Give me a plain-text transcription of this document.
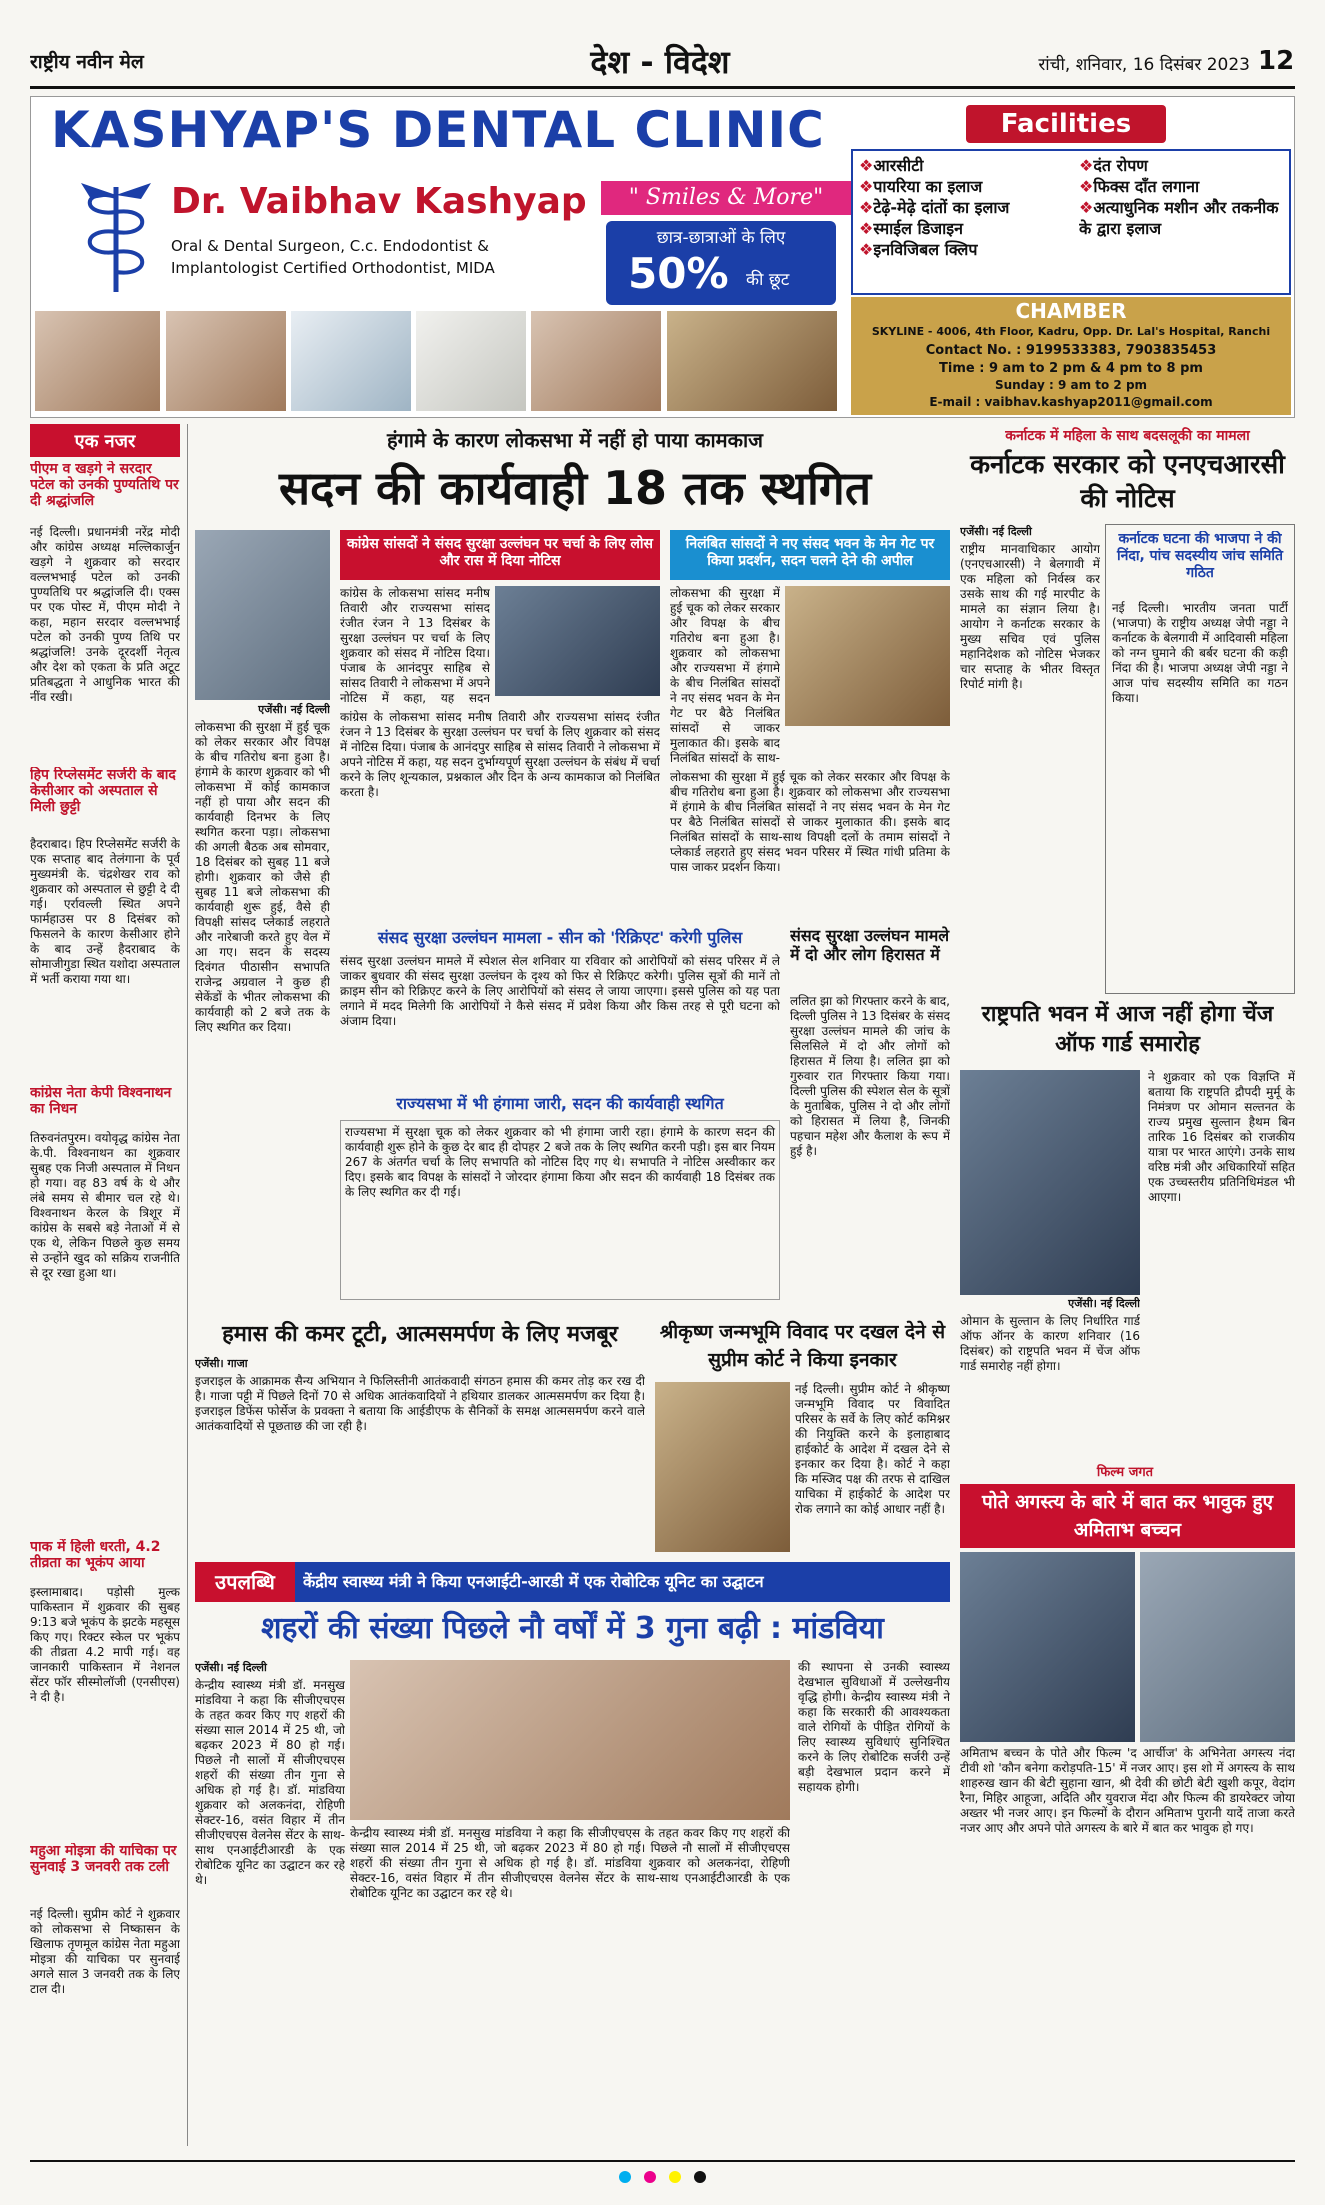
राष्ट्रीय नवीन मेल	देश - विदेश	रांची, शनिवार, 16 दिसंबर 2023 12
KASHYAP'S DENTAL CLINIC
Dr. Vaibhav Kashyap	" Smiles & More"
Oral & Dental Surgeon, C.c. Endodontist &
Implantologist Certified Orthodontist, MIDA
छात्र-छात्राओं के लिए
50%	की छूट
Facilities
❖ आरसीटी
❖ पायरिया का इलाज
❖ टेढ़े-मेढ़े दांतों का इलाज
❖ स्माईल डिजाइन
❖ इनविजिबल क्लिप
❖ दंत रोपण
❖ फिक्स दाँत लगाना
❖ अत्याधुनिक मशीन और तकनीक के द्वारा इलाज
CHAMBER
SKYLINE - 4006, 4th Floor, Kadru, Opp. Dr. Lal's Hospital, Ranchi
Contact No. : 9199533383, 7903835453
Time : 9 am to 2 pm & 4 pm to 8 pm
Sunday : 9 am to 2 pm
E-mail : vaibhav.kashyap2011@gmail.com
एक नजर
पीएम व खड़गे ने सरदार पटेल को उनकी पुण्यतिथि पर दी श्रद्धांजलि
नई दिल्ली। प्रधानमंत्री नरेंद्र मोदी और कांग्रेस अध्यक्ष मल्लिकार्जुन खड़गे ने शुक्रवार को सरदार वल्लभभाई पटेल को उनकी पुण्यतिथि पर श्रद्धांजलि दी। एक्स पर एक पोस्ट में, पीएम मोदी ने कहा, महान सरदार वल्लभभाई पटेल को उनकी पुण्य तिथि पर श्रद्धांजलि! उनके दूरदर्शी नेतृत्व और देश को एकता के प्रति अटूट प्रतिबद्धता ने आधुनिक भारत की नींव रखी।
हिप रिप्लेसमेंट सर्जरी के बाद केसीआर को अस्पताल से मिली छुट्टी
हैदराबाद। हिप रिप्लेसमेंट सर्जरी के एक सप्ताह बाद तेलंगाना के पूर्व मुख्यमंत्री के. चंद्रशेखर राव को शुक्रवार को अस्पताल से छुट्टी दे दी गई। एर्रावल्ली स्थित अपने फार्महाउस पर 8 दिसंबर को फिसलने के कारण केसीआर होने के बाद उन्हें हैदराबाद के सोमाजीगुडा स्थित यशोदा अस्पताल में भर्ती कराया गया था।
कांग्रेस नेता केपी विश्वनाथन का निधन
तिरुवनंतपुरम। वयोवृद्ध कांग्रेस नेता के.पी. विश्वनाथन का शुक्रवार सुबह एक निजी अस्पताल में निधन हो गया। वह 83 वर्ष के थे और लंबे समय से बीमार चल रहे थे। विश्वनाथन केरल के त्रिशूर में कांग्रेस के सबसे बड़े नेताओं में से एक थे, लेकिन पिछले कुछ समय से उन्होंने खुद को सक्रिय राजनीति से दूर रखा हुआ था।
पाक में हिली धरती, 4.2 तीव्रता का भूकंप आया
इस्लामाबाद। पड़ोसी मुल्क पाकिस्तान में शुक्रवार की सुबह 9:13 बजे भूकंप के झटके महसूस किए गए। रिक्टर स्केल पर भूकंप की तीव्रता 4.2 मापी गई। वह जानकारी पाकिस्तान में नेशनल सेंटर फॉर सीस्मोलॉजी (एनसीएस) ने दी है।
महुआ मोइत्रा की याचिका पर सुनवाई 3 जनवरी तक टली
नई दिल्ली। सुप्रीम कोर्ट ने शुक्रवार को लोकसभा से निष्कासन के खिलाफ तृणमूल कांग्रेस नेता महुआ मोइत्रा की याचिका पर सुनवाई अगले साल 3 जनवरी तक के लिए टाल दी।
हंगामे के कारण लोकसभा में नहीं हो पाया कामकाज
सदन की कार्यवाही 18 तक स्थगित
एजेंसी। नई दिल्ली
लोकसभा की सुरक्षा में हुई चूक को लेकर सरकार और विपक्ष के बीच गतिरोध बना हुआ है। हंगामे के कारण शुक्रवार को भी लोकसभा में कोई कामकाज नहीं हो पाया और सदन की कार्यवाही दिनभर के लिए स्थगित करना पड़ा। लोकसभा की अगली बैठक अब सोमवार, 18 दिसंबर को सुबह 11 बजे होगी। शुक्रवार को जैसे ही सुबह 11 बजे लोकसभा की कार्यवाही शुरू हुई, वैसे ही विपक्षी सांसद प्लेकार्ड लहराते और नारेबाजी करते हुए वेल में आ गए। सदन के सदस्य दिवंगत पीठासीन सभापति राजेन्द्र अग्रवाल ने कुछ ही सेकेंडों के भीतर लोकसभा की कार्यवाही को 2 बजे तक के लिए स्थगित कर दिया।
कांग्रेस सांसदों ने संसद सुरक्षा उल्लंघन पर चर्चा के लिए लोस और रास में दिया नोटिस
कांग्रेस के लोकसभा सांसद मनीष तिवारी और राज्यसभा सांसद रंजीत रंजन ने 13 दिसंबर के सुरक्षा उल्लंघन पर चर्चा के लिए शुक्रवार को संसद में नोटिस दिया। पंजाब के आनंदपुर साहिब से सांसद तिवारी ने लोकसभा में अपने नोटिस में कहा, यह सदन
कांग्रेस के लोकसभा सांसद मनीष तिवारी और राज्यसभा सांसद रंजीत रंजन ने 13 दिसंबर के सुरक्षा उल्लंघन पर चर्चा के लिए शुक्रवार को संसद में नोटिस दिया। पंजाब के आनंदपुर साहिब से सांसद तिवारी ने लोकसभा में अपने नोटिस में कहा, यह सदन दुर्भाग्यपूर्ण सुरक्षा उल्लंघन के संबंध में चर्चा करने के लिए शून्यकाल, प्रश्नकाल और दिन के अन्य कामकाज को निलंबित करता है।
निलंबित सांसदों ने नए संसद भवन के मेन गेट पर किया प्रदर्शन, सदन चलने देने की अपील
लोकसभा की सुरक्षा में हुई चूक को लेकर सरकार और विपक्ष के बीच गतिरोध बना हुआ है। शुक्रवार को लोकसभा और राज्यसभा में हंगामे के बीच निलंबित सांसदों ने नए संसद भवन के मेन गेट पर बैठे निलंबित सांसदों से जाकर मुलाकात की। इसके बाद निलंबित सांसदों के साथ-
लोकसभा की सुरक्षा में हुई चूक को लेकर सरकार और विपक्ष के बीच गतिरोध बना हुआ है। शुक्रवार को लोकसभा और राज्यसभा में हंगामे के बीच निलंबित सांसदों ने नए संसद भवन के मेन गेट पर बैठे निलंबित सांसदों से जाकर मुलाकात की। इसके बाद निलंबित सांसदों के साथ-साथ विपक्षी दलों के तमाम सांसदों ने प्लेकार्ड लहराते हुए संसद भवन परिसर में स्थित गांधी प्रतिमा के पास जाकर प्रदर्शन किया।
संसद सुरक्षा उल्लंघन मामला - सीन को 'रिक्रिएट' करेगी पुलिस
संसद सुरक्षा उल्लंघन मामले में स्पेशल सेल शनिवार या रविवार को आरोपियों को संसद परिसर में ले जाकर बुधवार की संसद सुरक्षा उल्लंघन के दृश्य को फिर से रिक्रिएट करेगी। पुलिस सूत्रों की मानें तो क्राइम सीन को रिक्रिएट करने के लिए आरोपियों को संसद ले जाया जाएगा। इससे पुलिस को यह पता लगाने में मदद मिलेगी कि आरोपियों ने कैसे संसद में प्रवेश किया और किस तरह से पूरी घटना को अंजाम दिया।
संसद सुरक्षा उल्लंघन मामले में दो और लोग हिरासत में
ललित झा को गिरफ्तार करने के बाद, दिल्ली पुलिस ने 13 दिसंबर के संसद सुरक्षा उल्लंघन मामले की जांच के सिलसिले में दो और लोगों को हिरासत में लिया है। ललित झा को गुरुवार रात गिरफ्तार किया गया। दिल्ली पुलिस की स्पेशल सेल के सूत्रों के मुताबिक, पुलिस ने दो और लोगों को हिरासत में लिया है, जिनकी पहचान महेश और कैलाश के रूप में हुई है।
राज्यसभा में भी हंगामा जारी, सदन की कार्यवाही स्थगित
राज्यसभा में सुरक्षा चूक को लेकर शुक्रवार को भी हंगामा जारी रहा। हंगामे के कारण सदन की कार्यवाही शुरू होने के कुछ देर बाद ही दोपहर 2 बजे तक के लिए स्थगित करनी पड़ी। इस बार नियम 267 के अंतर्गत चर्चा के लिए सभापति को नोटिस दिए गए थे। सभापति ने नोटिस अस्वीकार कर दिए। इसके बाद विपक्ष के सांसदों ने जोरदार हंगामा किया और सदन की कार्यवाही 18 दिसंबर तक के लिए स्थगित कर दी गई।
कर्नाटक में महिला के साथ बदसलूकी का मामला
कर्नाटक सरकार को एनएचआरसी की नोटिस
एजेंसी। नई दिल्ली
राष्ट्रीय मानवाधिकार आयोग (एनएचआरसी) ने बेलगावी में एक महिला को निर्वस्त्र कर उसके साथ की गई मारपीट के मामले का संज्ञान लिया है। आयोग ने कर्नाटक सरकार के मुख्य सचिव एवं पुलिस महानिदेशक को नोटिस भेजकर चार सप्ताह के भीतर विस्तृत रिपोर्ट मांगी है।
कर्नाटक घटना की भाजपा ने की निंदा, पांच सदस्यीय जांच समिति गठित
नई दिल्ली। भारतीय जनता पार्टी (भाजपा) के राष्ट्रीय अध्यक्ष जेपी नड्डा ने कर्नाटक के बेलगावी में आदिवासी महिला को नग्न घुमाने की बर्बर घटना की कड़ी निंदा की है। भाजपा अध्यक्ष जेपी नड्डा ने आज पांच सदस्यीय समिति का गठन किया।
राष्ट्रपति भवन में आज नहीं होगा चेंज ऑफ गार्ड समारोह
एजेंसी। नई दिल्ली
ओमान के सुल्तान के लिए निर्धारित गार्ड ऑफ ऑनर के कारण शनिवार (16 दिसंबर) को राष्ट्रपति भवन में चेंज ऑफ गार्ड समारोह नहीं होगा।
ने शुक्रवार को एक विज्ञप्ति में बताया कि राष्ट्रपति द्रौपदी मुर्मू के निमंत्रण पर ओमान सल्तनत के राज्य प्रमुख सुल्तान हैथम बिन तारिक 16 दिसंबर को राजकीय यात्रा पर भारत आएंगे। उनके साथ वरिष्ठ मंत्री और अधिकारियों सहित एक उच्चस्तरीय प्रतिनिधिमंडल भी आएगा।
हमास की कमर टूटी, आत्मसमर्पण के लिए मजबूर
एजेंसी। गाजा
इजराइल के आक्रामक सैन्य अभियान ने फिलिस्तीनी आतंकवादी संगठन हमास की कमर तोड़ कर रख दी है। गाजा पट्टी में पिछले दिनों 70 से अधिक आतंकवादियों ने हथियार डालकर आत्मसमर्पण कर दिया है। इजराइल डिफेंस फोर्सेज के प्रवक्ता ने बताया कि आईडीएफ के सैनिकों के समक्ष आत्मसमर्पण करने वाले आतंकवादियों से पूछताछ की जा रही है।
श्रीकृष्ण जन्मभूमि विवाद पर दखल देने से सुप्रीम कोर्ट ने किया इनकार
नई दिल्ली। सुप्रीम कोर्ट ने श्रीकृष्ण जन्मभूमि विवाद पर विवादित परिसर के सर्वे के लिए कोर्ट कमिश्नर की नियुक्ति करने के इलाहाबाद हाईकोर्ट के आदेश में दखल देने से इनकार कर दिया है। कोर्ट ने कहा कि मस्जिद पक्ष की तरफ से दाखिल याचिका में हाईकोर्ट के आदेश पर रोक लगाने का कोई आधार नहीं है।
फिल्म जगत
पोते अगस्त्य के बारे में बात कर भावुक हुए अमिताभ बच्चन
अमिताभ बच्चन के पोते और फिल्म 'द आर्चीज' के अभिनेता अगस्त्य नंदा टीवी शो 'कौन बनेगा करोड़पति-15' में नजर आए। इस शो में अगस्त्य के साथ शाहरुख खान की बेटी सुहाना खान, श्री देवी की छोटी बेटी खुशी कपूर, वेदांग रैना, मिहिर आहूजा, अदिति और युवराज मेंदा और फिल्म की डायरेक्टर जोया अख्तर भी नजर आए। इन फिल्मों के दौरान अमिताभ पुरानी यादें ताजा करते नजर आए और अपने पोते अगस्त्य के बारे में बात कर भावुक हो गए।
उपलब्धि	केंद्रीय स्वास्थ्य मंत्री ने किया एनआईटी-आरडी में एक रोबोटिक यूनिट का उद्घाटन
शहरों की संख्या पिछले नौ वर्षों में 3 गुना बढ़ी : मांडविया
एजेंसी। नई दिल्ली
केन्द्रीय स्वास्थ्य मंत्री डॉ. मनसुख मांडविया ने कहा कि सीजीएचएस के तहत कवर किए गए शहरों की संख्या साल 2014 में 25 थी, जो बढ़कर 2023 में 80 हो गई। पिछले नौ सालों में सीजीएचएस शहरों की संख्या तीन गुना से अधिक हो गई है। डॉ. मांडविया शुक्रवार को अलकनंदा, रोहिणी सेक्टर-16, वसंत विहार में तीन सीजीएचएस वेलनेस सेंटर के साथ-साथ एनआईटीआरडी के एक रोबोटिक यूनिट का उद्घाटन कर रहे थे।
केन्द्रीय स्वास्थ्य मंत्री डॉ. मनसुख मांडविया ने कहा कि सीजीएचएस के तहत कवर किए गए शहरों की संख्या साल 2014 में 25 थी, जो बढ़कर 2023 में 80 हो गई। पिछले नौ सालों में सीजीएचएस शहरों की संख्या तीन गुना से अधिक हो गई है। डॉ. मांडविया शुक्रवार को अलकनंदा, रोहिणी सेक्टर-16, वसंत विहार में तीन सीजीएचएस वेलनेस सेंटर के साथ-साथ एनआईटीआरडी के एक रोबोटिक यूनिट का उद्घाटन कर रहे थे।
की स्थापना से उनकी स्वास्थ्य देखभाल सुविधाओं में उल्लेखनीय वृद्धि होगी। केन्द्रीय स्वास्थ्य मंत्री ने कहा कि सरकारी की आवश्यकता वाले रोगियों के पीड़ित रोगियों के लिए स्वास्थ्य सुविधाएं सुनिश्चित करने के लिए रोबोटिक सर्जरी उन्हें बड़ी देखभाल प्रदान करने में सहायक होगी।
